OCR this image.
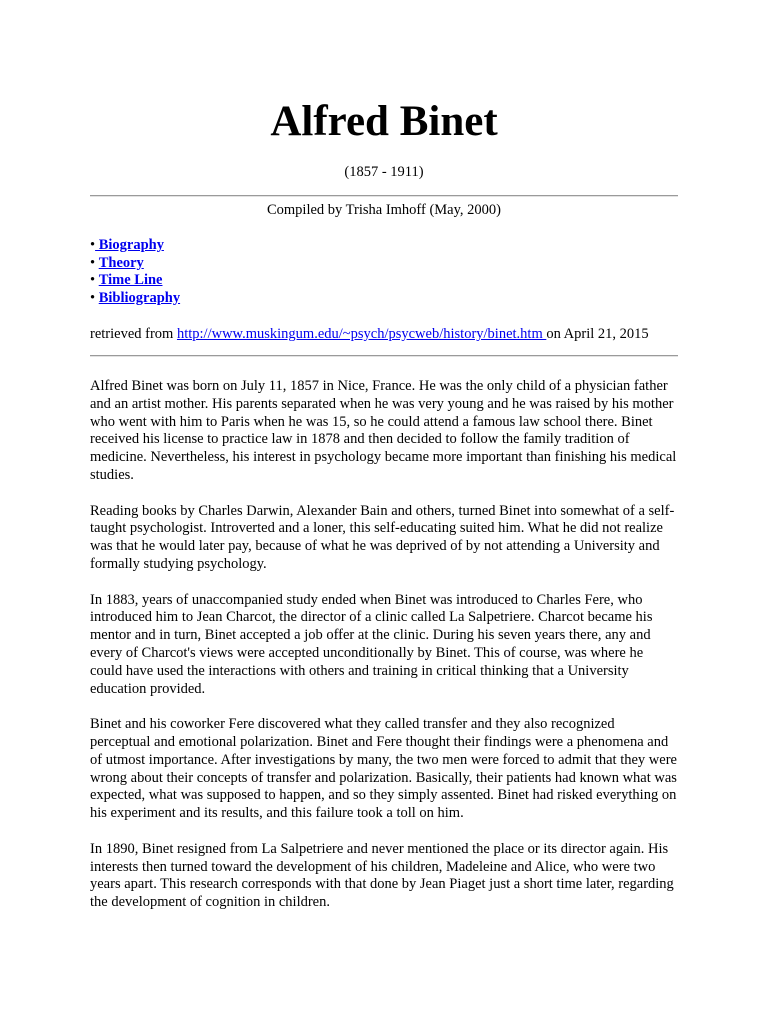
Alfred Binet
(1857 - 1911)
Compiled by Trisha Imhoff (May, 2000)
• Biography
• Theory
• Time Line
• Bibliography
retrieved from http://www.muskingum.edu/~psych/psycweb/history/binet.htm on April 21, 2015

Alfred Binet was born on July 11, 1857 in Nice, France. He was the only child of a physician father and an artist mother. His parents separated when he was very young and he was raised by his mother who went with him to Paris when he was 15, so he could attend a famous law school there. Binet received his license to practice law in 1878 and then decided to follow the family tradition of medicine. Nevertheless, his interest in psychology became more important than finishing his medical studies.

Reading books by Charles Darwin, Alexander Bain and others, turned Binet into somewhat of a self-taught psychologist. Introverted and a loner, this self-educating suited him. What he did not realize was that he would later pay, because of what he was deprived of by not attending a University and formally studying psychology.

In 1883, years of unaccompanied study ended when Binet was introduced to Charles Fere, who introduced him to Jean Charcot, the director of a clinic called La Salpetriere. Charcot became his mentor and in turn, Binet accepted a job offer at the clinic. During his seven years there, any and every of Charcot's views were accepted unconditionally by Binet. This of course, was where he could have used the interactions with others and training in critical thinking that a University education provided.

Binet and his coworker Fere discovered what they called transfer and they also recognized perceptual and emotional polarization. Binet and Fere thought their findings were a phenomena and of utmost importance. After investigations by many, the two men were forced to admit that they were wrong about their concepts of transfer and polarization. Basically, their patients had known what was expected, what was supposed to happen, and so they simply assented. Binet had risked everything on his experiment and its results, and this failure took a toll on him.

In 1890, Binet resigned from La Salpetriere and never mentioned the place or its director again. His interests then turned toward the development of his children, Madeleine and Alice, who were two years apart. This research corresponds with that done by Jean Piaget just a short time later, regarding the development of cognition in children.
